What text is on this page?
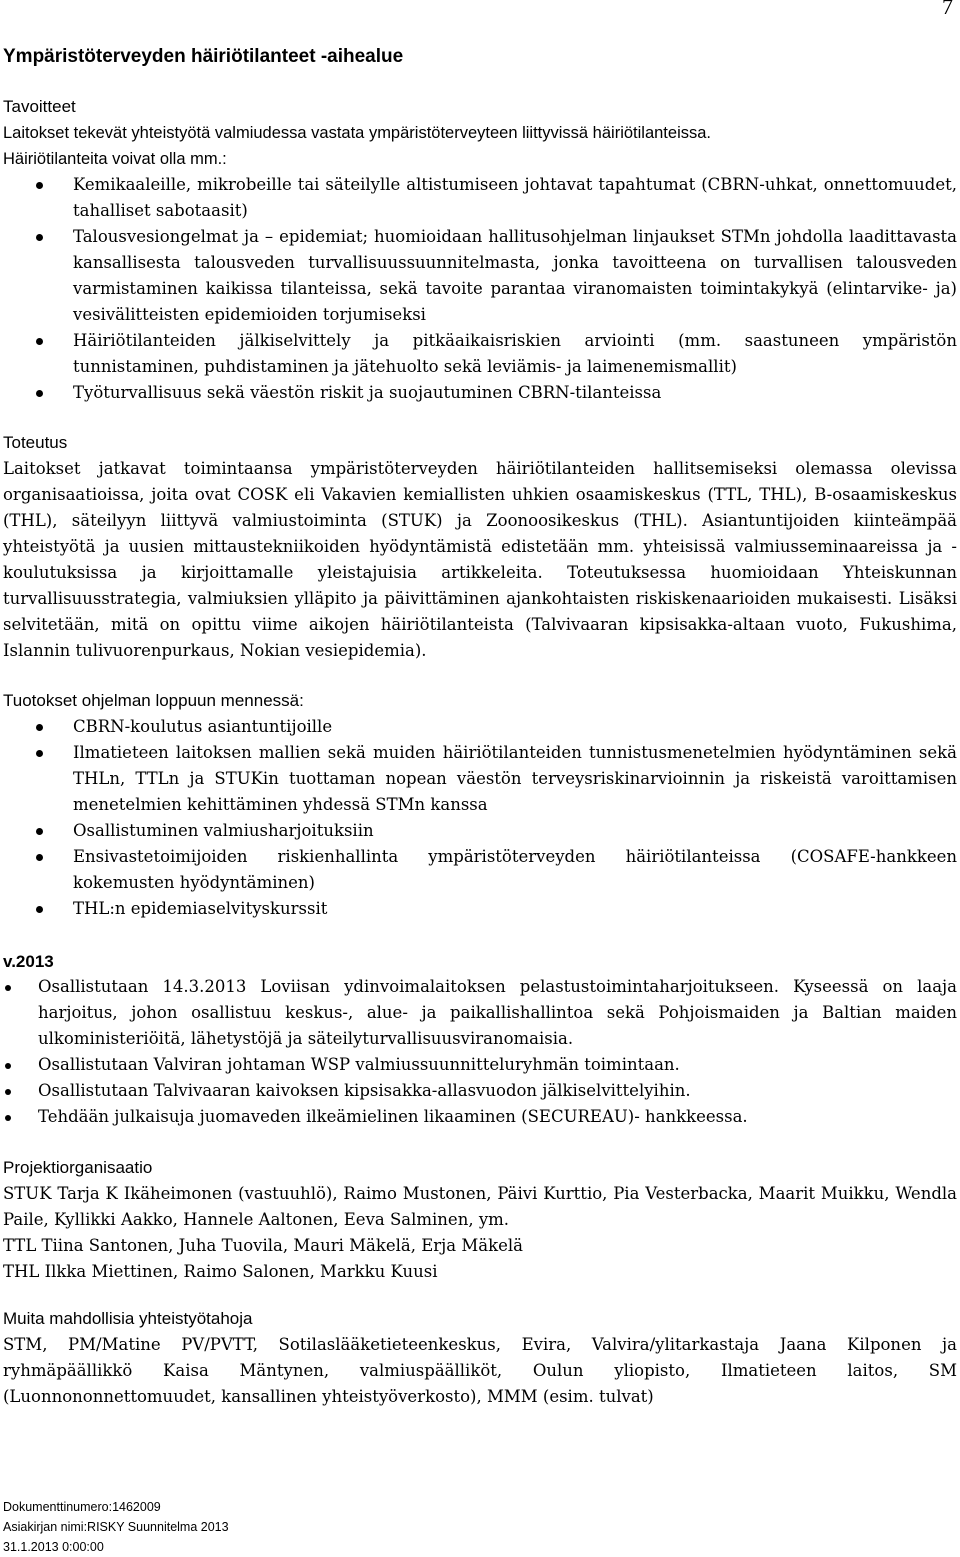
7
Ympäristöterveyden häiriötilanteet -aihealue
Tavoitteet
Laitokset tekevät yhteistyötä valmiudessa vastata ympäristöterveyteen liittyvissä häiriötilanteissa.
Häiriötilanteita voivat olla mm.:
Kemikaaleille, mikrobeille tai säteilylle altistumiseen johtavat tapahtumat (CBRN-uhkat, onnettomuudet, tahalliset sabotaasit)
Talousvesiongelmat ja – epidemiat; huomioidaan hallitusohjelman linjaukset STMn johdolla laadittavasta kansallisesta talousveden turvallisuussuunnitelmasta, jonka tavoitteena on turvallisen talousveden varmistaminen kaikissa tilanteissa, sekä tavoite parantaa viranomaisten toimintakykyä (elintarvike- ja) vesivälitteisten epidemioiden torjumiseksi
Häiriötilanteiden jälkiselvittely ja pitkäaikaisriskien arviointi (mm. saastuneen ympäristön tunnistaminen, puhdistaminen ja jätehuolto sekä leviämis- ja laimenemismallit)
Työturvallisuus sekä väestön riskit ja suojautuminen CBRN-tilanteissa
Toteutus
Laitokset jatkavat toimintaansa ympäristöterveyden häiriötilanteiden hallitsemiseksi olemassa olevissa organisaatioissa, joita ovat COSK eli Vakavien kemiallisten uhkien osaamiskeskus (TTL, THL), B-osaamiskeskus (THL), säteilyyn liittyvä valmiustoiminta (STUK) ja Zoonoosikeskus (THL). Asiantuntijoiden kiinteämpää yhteistyötä ja uusien mittaustekniikoiden hyödyntämistä edistetään mm. yhteisissä valmiusseminaareissa ja -koulutuksissa ja kirjoittamalle yleistajuisia artikkeleita. Toteutuksessa huomioidaan Yhteiskunnan turvallisuusstrategia, valmiuksien ylläpito ja päivittäminen ajankohtaisten riskiskenaarioiden mukaisesti. Lisäksi selvitetään, mitä on opittu viime aikojen häiriötilanteista (Talvivaaran kipsisakka-altaan vuoto, Fukushima, Islannin tulivuorenpurkaus, Nokian vesiepidemia).
Tuotokset ohjelman loppuun mennessä:
CBRN-koulutus asiantuntijoille
Ilmatieteen laitoksen mallien sekä muiden häiriötilanteiden tunnistusmenetelmien hyödyntäminen sekä THLn, TTLn ja STUKin tuottaman nopean väestön terveysriskinarvioinnin ja riskeistä varoittamisen menetelmien kehittäminen yhdessä STMn kanssa
Osallistuminen valmiusharjoituksiin
Ensivastetoimijoiden riskienhallinta ympäristöterveyden häiriötilanteissa (COSAFE-hankkeen kokemusten hyödyntäminen)
THL:n epidemiaselvityskurssit
v.2013
Osallistutaan 14.3.2013 Loviisan ydinvoimalaitoksen pelastustoimintaharjoitukseen. Kyseessä on laaja harjoitus, johon osallistuu keskus-, alue- ja paikallishallintoa sekä Pohjoismaiden ja Baltian maiden ulkoministeriöitä, lähetystöjä ja säteilyturvallisuusviranomaisia.
Osallistutaan Valviran johtaman WSP valmiussuunnitteluryhmän toimintaan.
Osallistutaan Talvivaaran kaivoksen kipsisakka-allasvuodon jälkiselvittelyihin.
Tehdään julkaisuja juomaveden ilkeämielinen likaaminen (SECUREAU)- hankkeessa.
Projektiorganisaatio
STUK Tarja K Ikäheimonen (vastuuhlö), Raimo Mustonen, Päivi Kurttio, Pia Vesterbacka, Maarit Muikku, Wendla Paile, Kyllikki Aakko, Hannele Aaltonen, Eeva Salminen, ym.
TTL Tiina Santonen, Juha Tuovila, Mauri Mäkelä, Erja Mäkelä
THL Ilkka Miettinen, Raimo Salonen, Markku Kuusi
Muita mahdollisia yhteistyötahoja
STM, PM/Matine PV/PVTT, Sotilaslääketieteenkeskus, Evira, Valvira/ylitarkastaja Jaana Kilponen ja ryhmäpäällikkö Kaisa Mäntynen, valmiuspäälliköt, Oulun yliopisto, Ilmatieteen laitos, SM (Luonnononnettomuudet, kansallinen yhteistyöverkosto), MMM (esim. tulvat)
Dokumenttinumero:1462009
Asiakirjan nimi:RISKY Suunnitelma 2013
31.1.2013 0:00:00
